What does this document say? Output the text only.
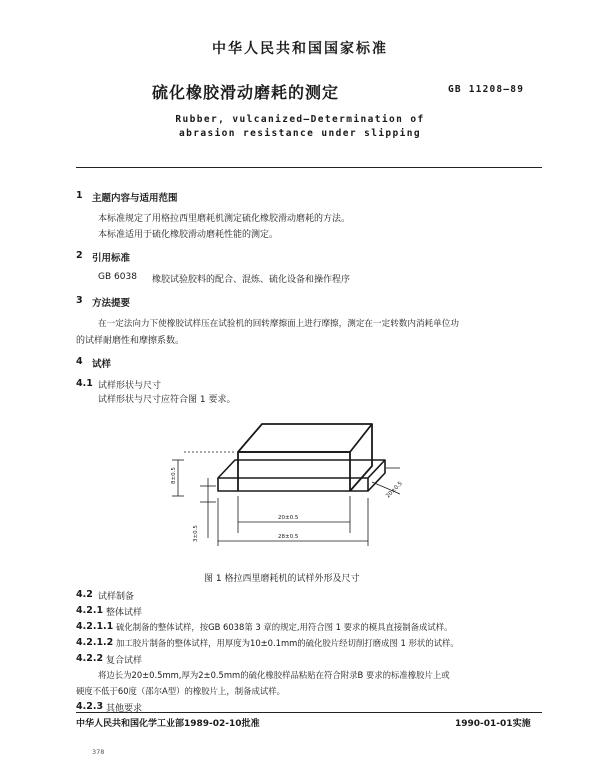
中华人民共和国国家标准
硫化橡胶滑动磨耗的测定	GB 11208—89
Rubber, vulcanized—Determination of
abrasion resistance under slipping
1 主题内容与适用范围
本标准规定了用格拉西里磨耗机测定硫化橡胶滑动磨耗的方法。
本标准适用于硫化橡胶滑动磨耗性能的测定。
2 引用标准
GB 6038 橡胶试验胶料的配合、混炼、硫化设备和操作程序
3 方法提要
在一定法向力下使橡胶试样压在试验机的回转摩擦面上进行摩擦，测定在一定转数内消耗单位功
的试样耐磨性和摩擦系数。
4 试样
4.1 试样形状与尺寸
试样形状与尺寸应符合图 1 要求。
8±0.5
3±0.5
20±0.5
28±0.5
20±0.5
图 1 格拉西里磨耗机的试样外形及尺寸
4.2 试样制备
4.2.1 整体试样
4.2.1.1 硫化制备的整体试样，按GB 6038第 3 章的规定,用符合图 1 要求的模具直接制备成试样。
4.2.1.2 加工胶片制备的整体试样，用厚度为10±0.1mm的硫化胶片经切削打磨成图 1 形状的试样。
4.2.2 复合试样
将边长为20±0.5mm,厚为2±0.5mm的硫化橡胶样品粘贴在符合附录B 要求的标准橡胶片上或
硬度不低于60度（邵尔A型）的橡胶片上，制备成试样。
4.2.3 其他要求
中华人民共和国化学工业部1989-02-10批准	1990-01-01实施
378
